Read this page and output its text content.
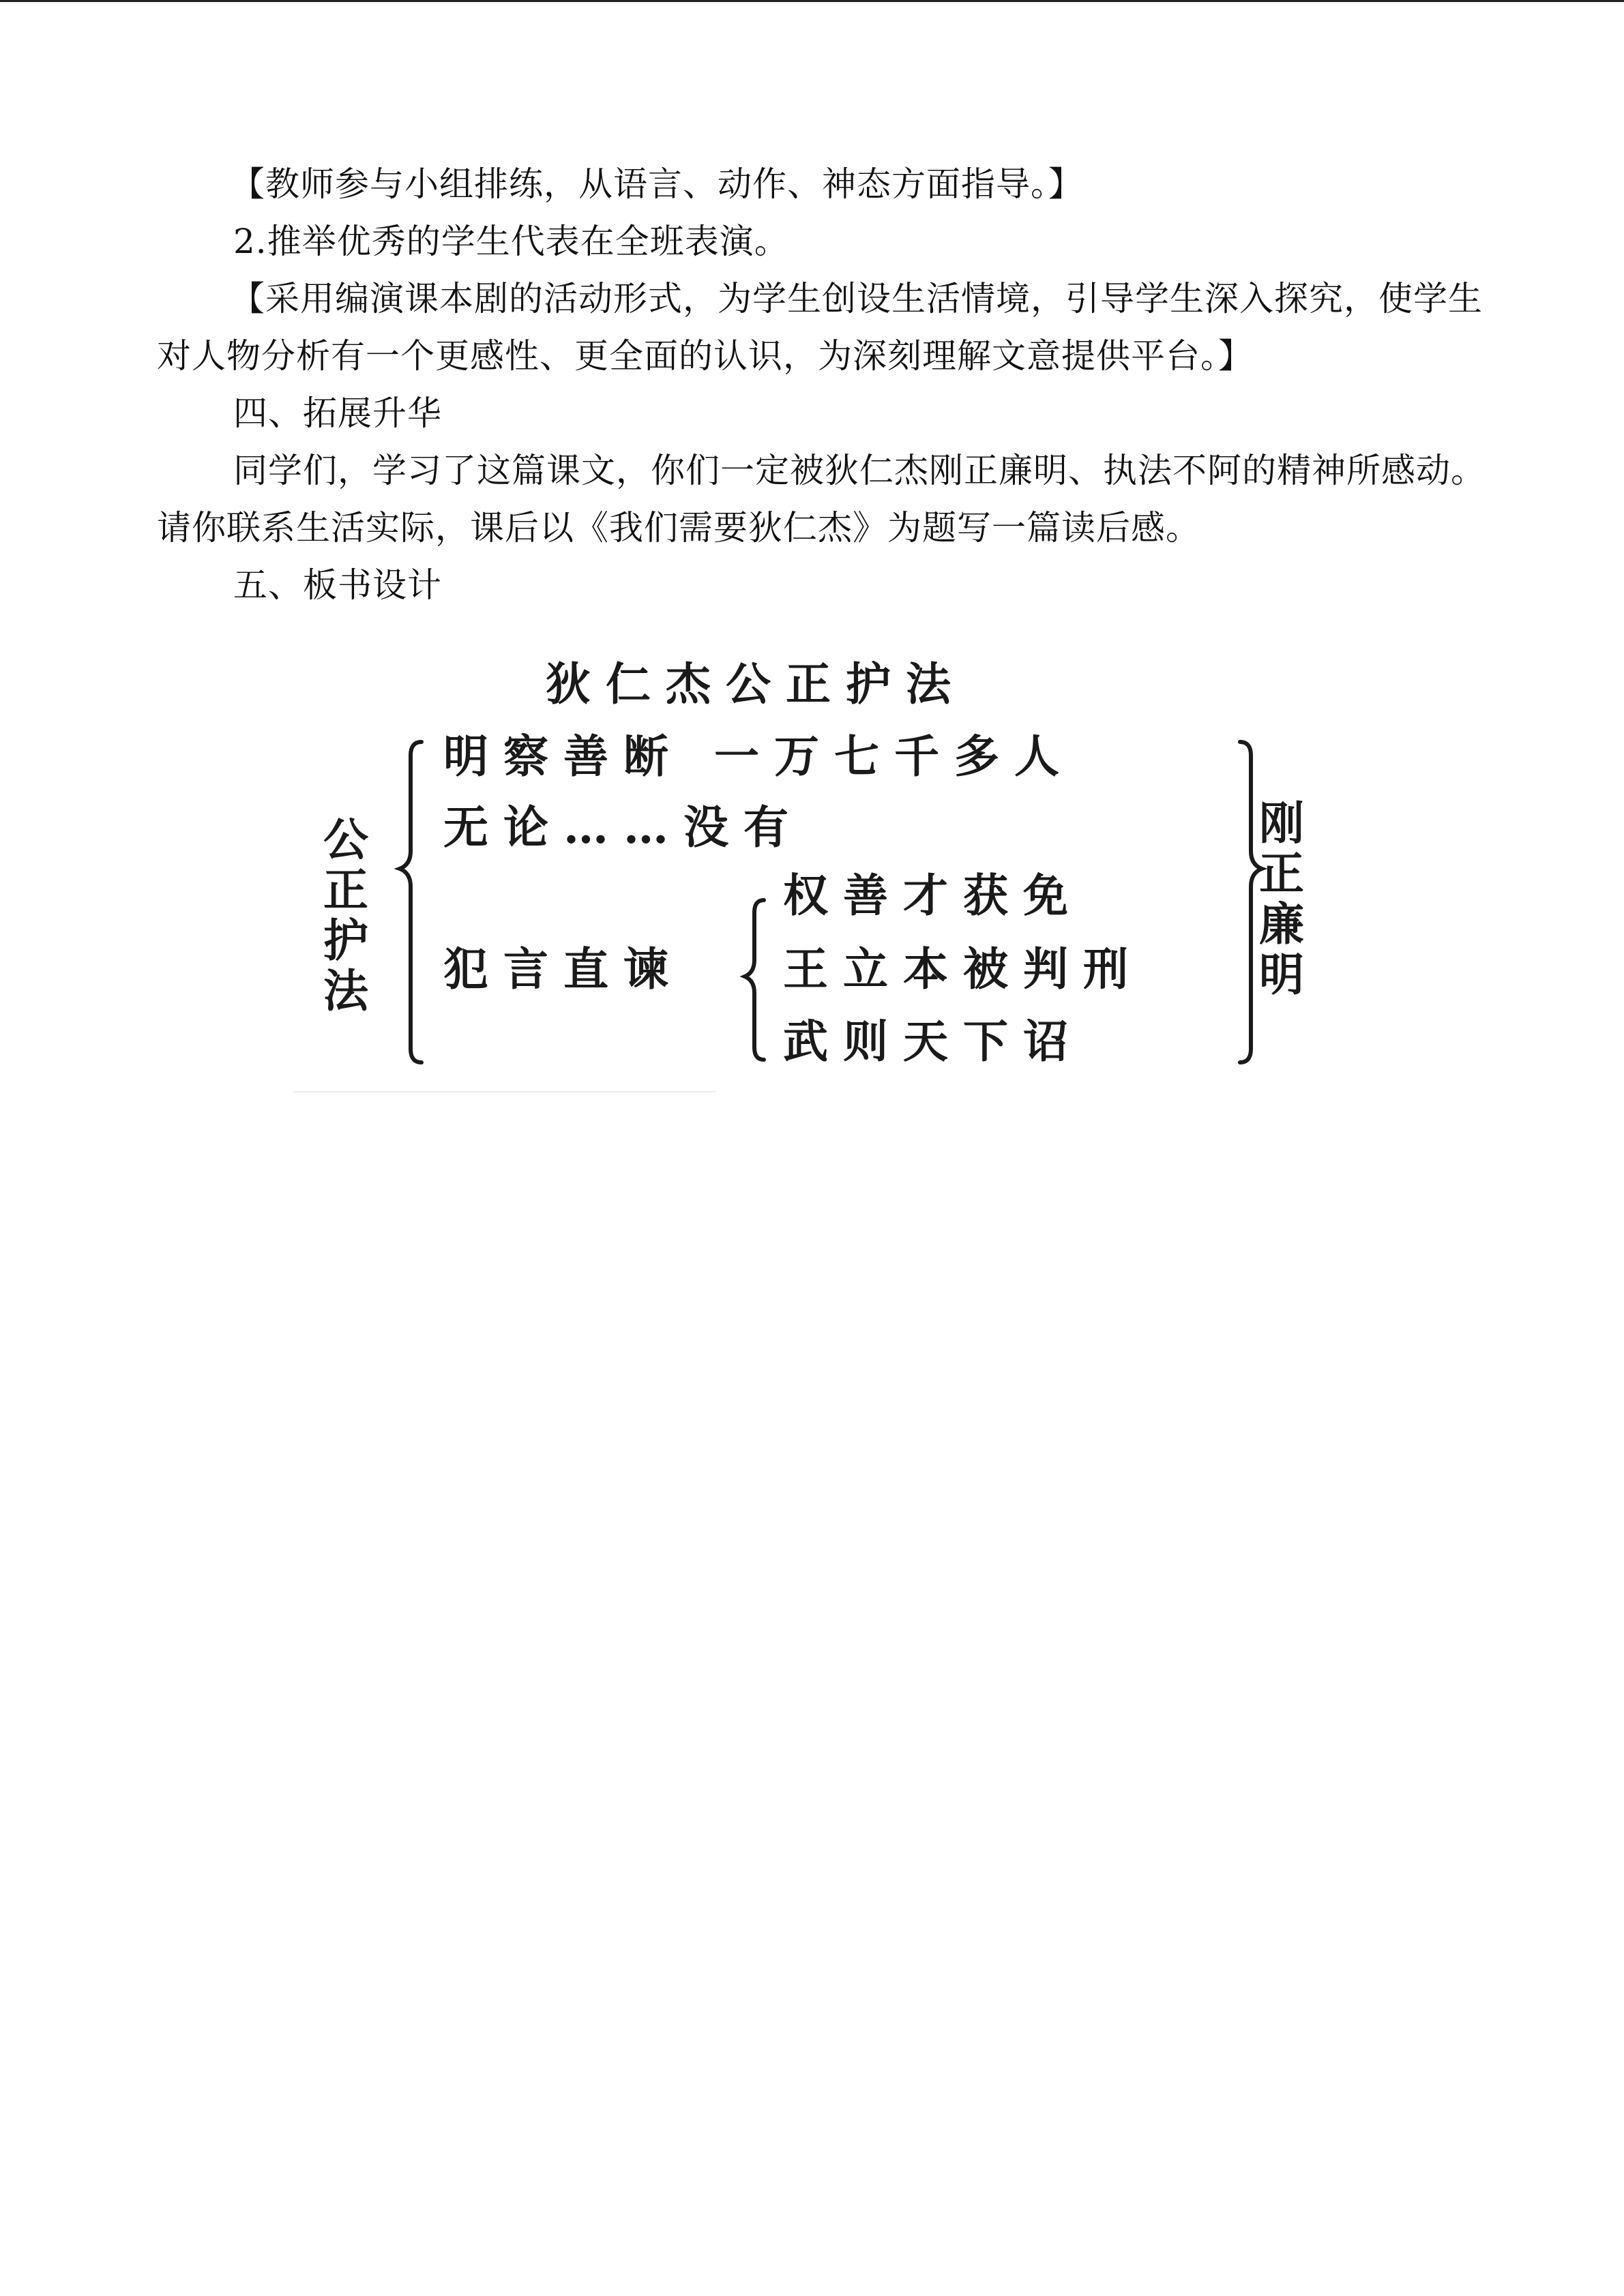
【教师参与小组排练，从语言、动作、神态方面指导。】

2.推举优秀的学生代表在全班表演。

【采用编演课本剧的活动形式，为学生创设生活情境，引导学生深入探究，使学生对人物分析有一个更感性、更全面的认识，为深刻理解文意提供平台。】

四、拓展升华

同学们，学习了这篇课文，你们一定被狄仁杰刚正廉明、执法不阿的精神所感动。请你联系生活实际，课后以《我们需要狄仁杰》为题写一篇读后感。

五、板书设计

狄仁杰公正护法
公正护法
刚正廉明
明察善断 一万七千多人
无论……没有
犯言直谏
权善才获免
王立本被判刑
武则天下诏
